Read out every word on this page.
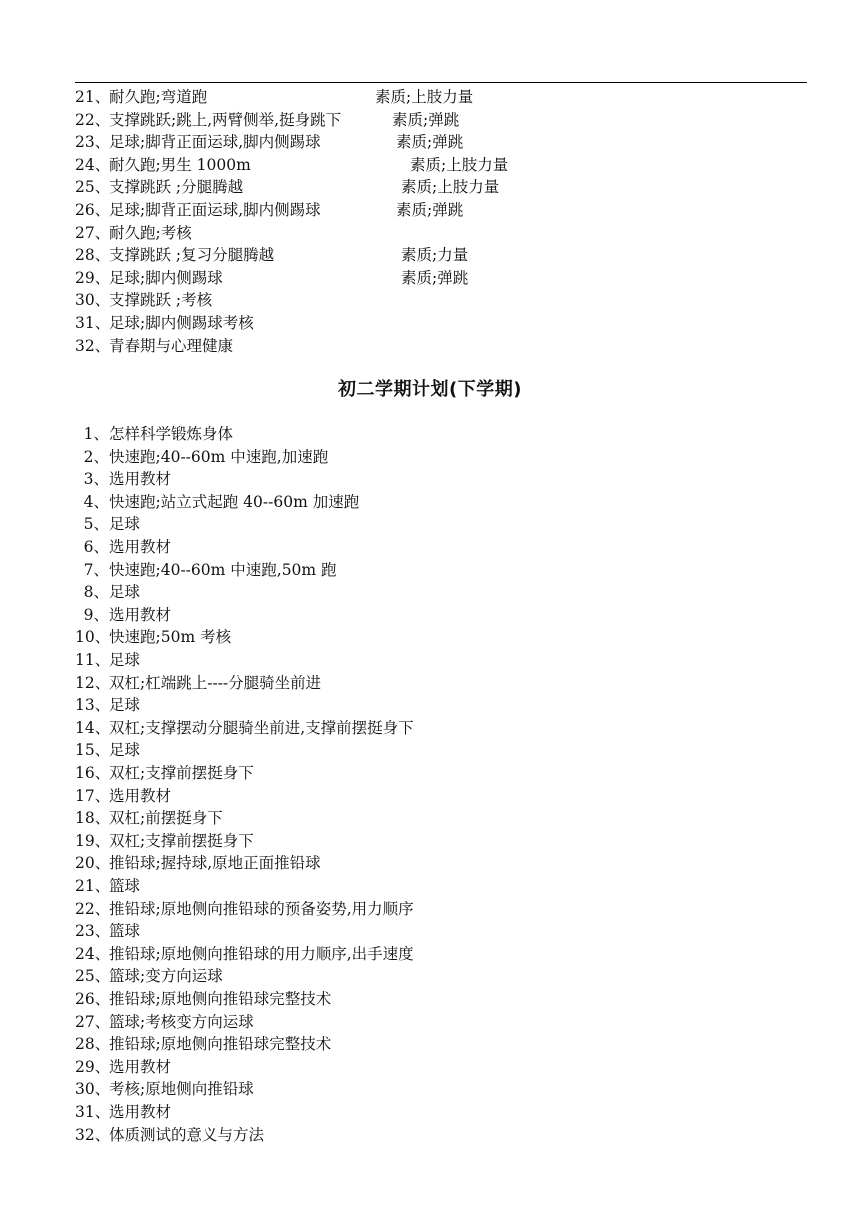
21、耐久跑;弯道跑	素质;上肢力量
22、支撑跳跃;跳上,两臂侧举,挺身跳下	素质;弹跳
23、足球;脚背正面运球,脚内侧踢球	素质;弹跳
24、耐久跑;男生 1000m	素质;上肢力量
25、支撑跳跃 ;分腿腾越	素质;上肢力量
26、足球;脚背正面运球,脚内侧踢球	素质;弹跳
27、耐久跑;考核
28、支撑跳跃 ;复习分腿腾越	素质;力量
29、足球;脚内侧踢球	素质;弹跳
30、支撑跳跃 ;考核
31、足球;脚内侧踢球考核
32、青春期与心理健康
初二学期计划(下学期)
1、怎样科学锻炼身体
2、快速跑;40--60m 中速跑,加速跑
3、选用教材
4、快速跑;站立式起跑 40--60m 加速跑
5、足球
6、选用教材
7、快速跑;40--60m 中速跑,50m 跑
8、足球
9、选用教材
10、快速跑;50m 考核
11、足球
12、双杠;杠端跳上----分腿骑坐前进
13、足球
14、双杠;支撑摆动分腿骑坐前进,支撑前摆挺身下
15、足球
16、双杠;支撑前摆挺身下
17、选用教材
18、双杠;前摆挺身下
19、双杠;支撑前摆挺身下
20、推铅球;握持球,原地正面推铅球
21、篮球
22、推铅球;原地侧向推铅球的预备姿势,用力顺序
23、篮球
24、推铅球;原地侧向推铅球的用力顺序,出手速度
25、篮球;变方向运球
26、推铅球;原地侧向推铅球完整技术
27、篮球;考核变方向运球
28、推铅球;原地侧向推铅球完整技术
29、选用教材
30、考核;原地侧向推铅球
31、选用教材
32、体质测试的意义与方法
